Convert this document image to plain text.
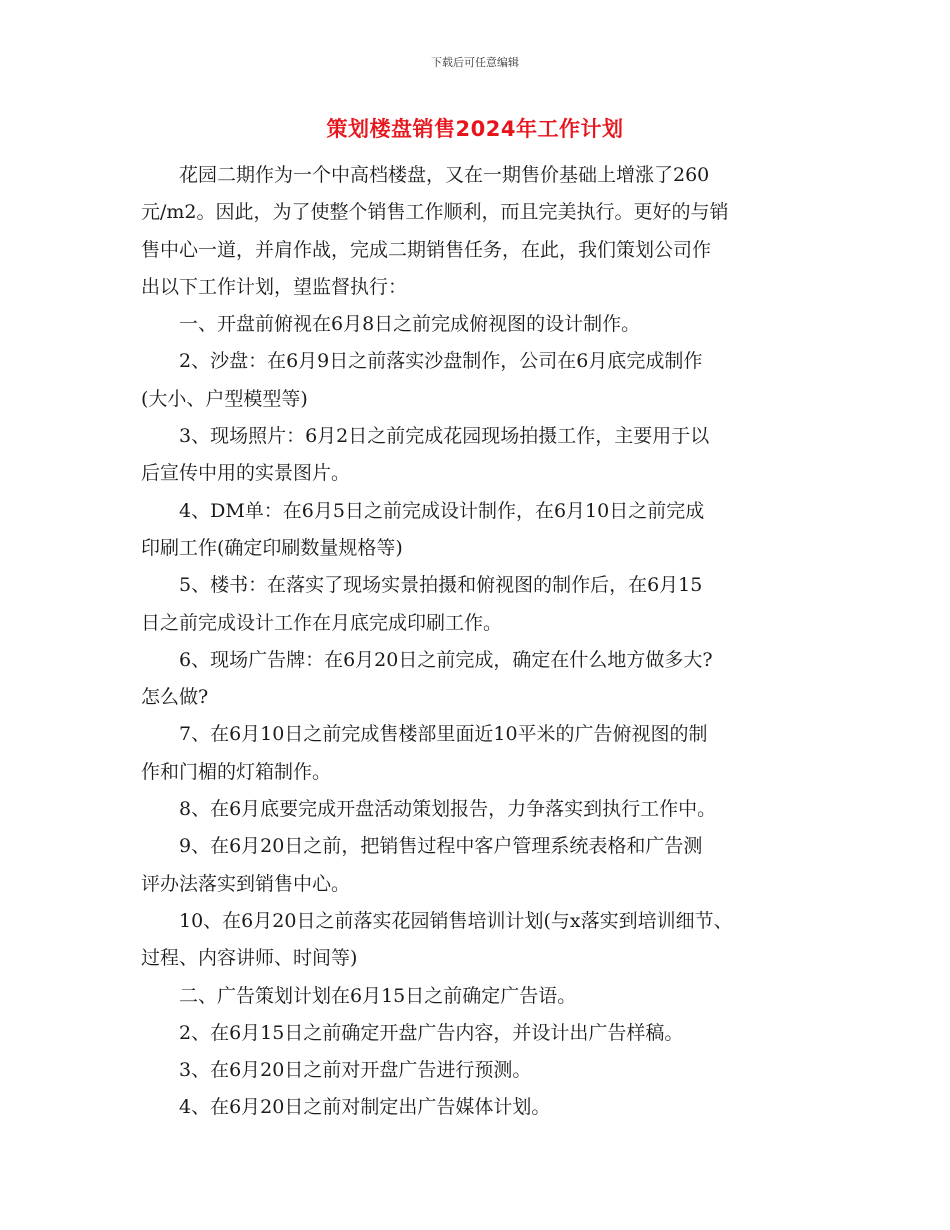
下载后可任意编辑
策划楼盘销售2024年工作计划

花园二期作为一个中高档楼盘，又在一期售价基础上增涨了260
元/m2。因此，为了使整个销售工作顺利，而且完美执行。更好的与销
售中心一道，并肩作战，完成二期销售任务，在此，我们策划公司作
出以下工作计划，望监督执行：

一、开盘前俯视在6月8日之前完成俯视图的设计制作。

2、沙盘：在6月9日之前落实沙盘制作，公司在6月底完成制作
(大小、户型模型等)

3、现场照片：6月2日之前完成花园现场拍摄工作，主要用于以
后宣传中用的实景图片。

4、DM单：在6月5日之前完成设计制作，在6月10日之前完成
印刷工作(确定印刷数量规格等)

5、楼书：在落实了现场实景拍摄和俯视图的制作后，在6月15
日之前完成设计工作在月底完成印刷工作。

6、现场广告牌：在6月20日之前完成，确定在什么地方做多大?
怎么做?

7、在6月10日之前完成售楼部里面近10平米的广告俯视图的制
作和门楣的灯箱制作。

8、在6月底要完成开盘活动策划报告，力争落实到执行工作中。

9、在6月20日之前，把销售过程中客户管理系统表格和广告测
评办法落实到销售中心。

10、在6月20日之前落实花园销售培训计划(与x落实到培训细节、
过程、内容讲师、时间等)

二、广告策划计划在6月15日之前确定广告语。

2、在6月15日之前确定开盘广告内容，并设计出广告样稿。

3、在6月20日之前对开盘广告进行预测。

4、在6月20日之前对制定出广告媒体计划。
